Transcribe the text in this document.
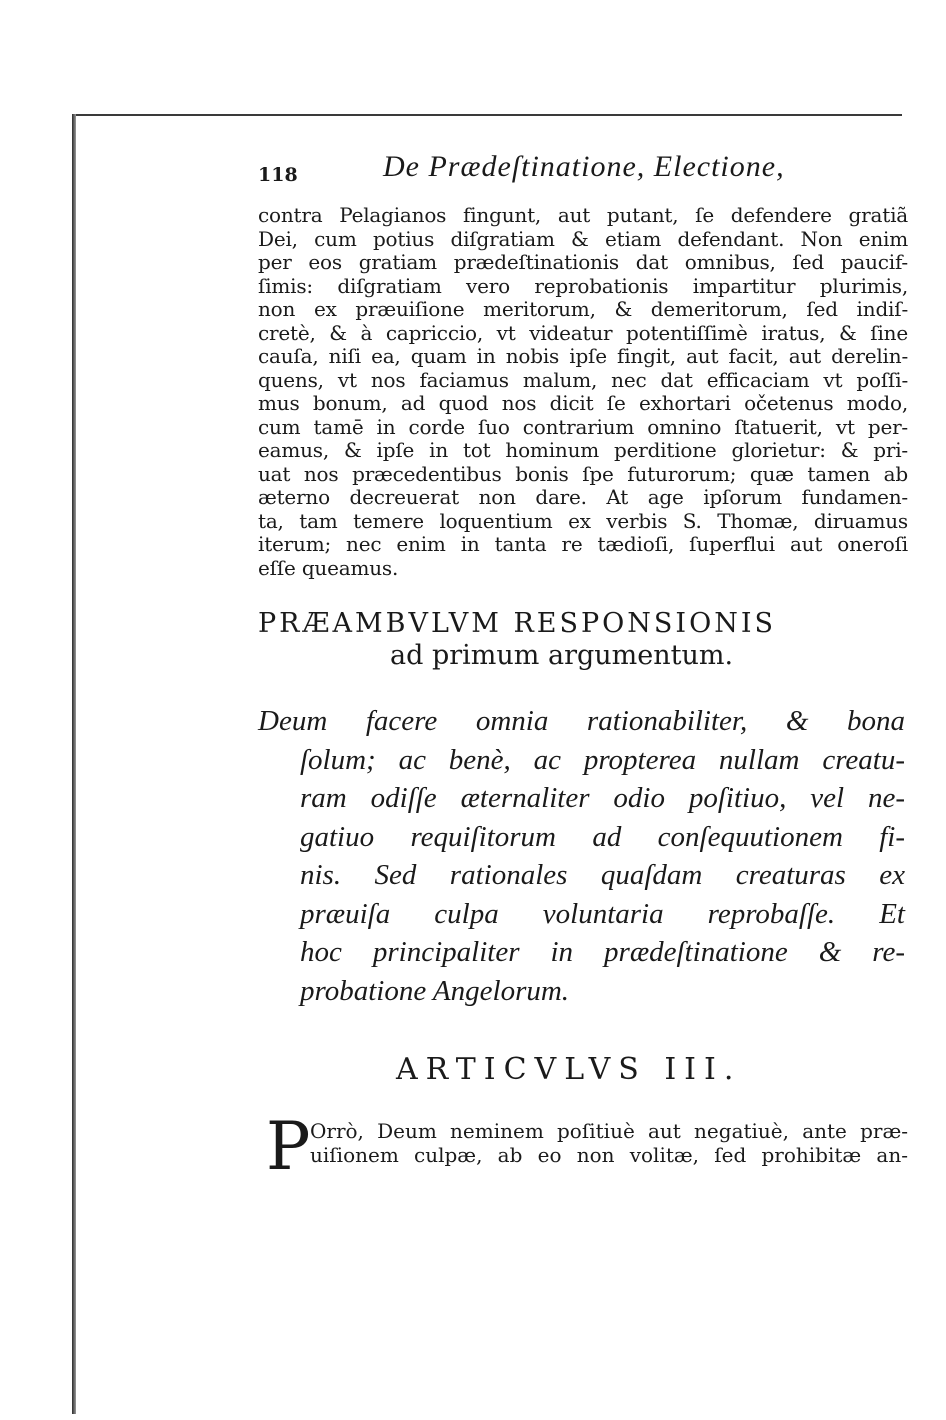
118	De Prædeſtinatione, Electione,
contra Pelagianos fingunt, aut putant, ſe defendere gratiã
Dei, cum potius diſgratiam & etiam defendant. Non enim
per eos gratiam prædeſtinationis dat omnibus, ſed paucif-
ſimis: diſgratiam vero reprobationis impartitur plurimis,
non ex præuiſione meritorum, & demeritorum, ſed indiſ-
cretè, & à capriccio, vt videatur potentiſſimè iratus, & ſine
cauſa, niſi ea, quam in nobis ipſe fingit, aut facit, aut derelin-
quens, vt nos faciamus malum, nec dat efficaciam vt poſſi-
mus bonum, ad quod nos dicit ſe exhortari očetenus modo,
cum tamē in corde ſuo contrarium omnino ſtatuerit, vt per-
eamus, & ipſe in tot hominum perditione glorietur: & pri-
uat nos præcedentibus bonis ſpe futurorum; quæ tamen ab
æterno decreuerat non dare. At age ipſorum fundamen-
ta, tam temere loquentium ex verbis S. Thomæ, diruamus
iterum; nec enim in tanta re tædioſi, ſuperflui aut oneroſi
eſſe queamus.
PRÆAMBVLVM RESPONSIONIS
ad primum argumentum.
Deum facere omnia rationabiliter, & bona
ſolum; ac benè, ac propterea nullam creatu-
ram odiſſe æternaliter odio poſitiuo, vel ne-
gatiuo requiſitorum ad conſequutionem fi-
nis. Sed rationales quaſdam creaturas ex
præuiſa culpa voluntaria reprobaſſe. Et
hoc principaliter in prædeſtinatione & re-
probatione Angelorum.
ARTICVLVS III.
P Orrò, Deum neminem poſitiuè aut negatiuè, ante præ-
uiſionem culpæ, ab eo non volitæ, ſed prohibitæ an-
